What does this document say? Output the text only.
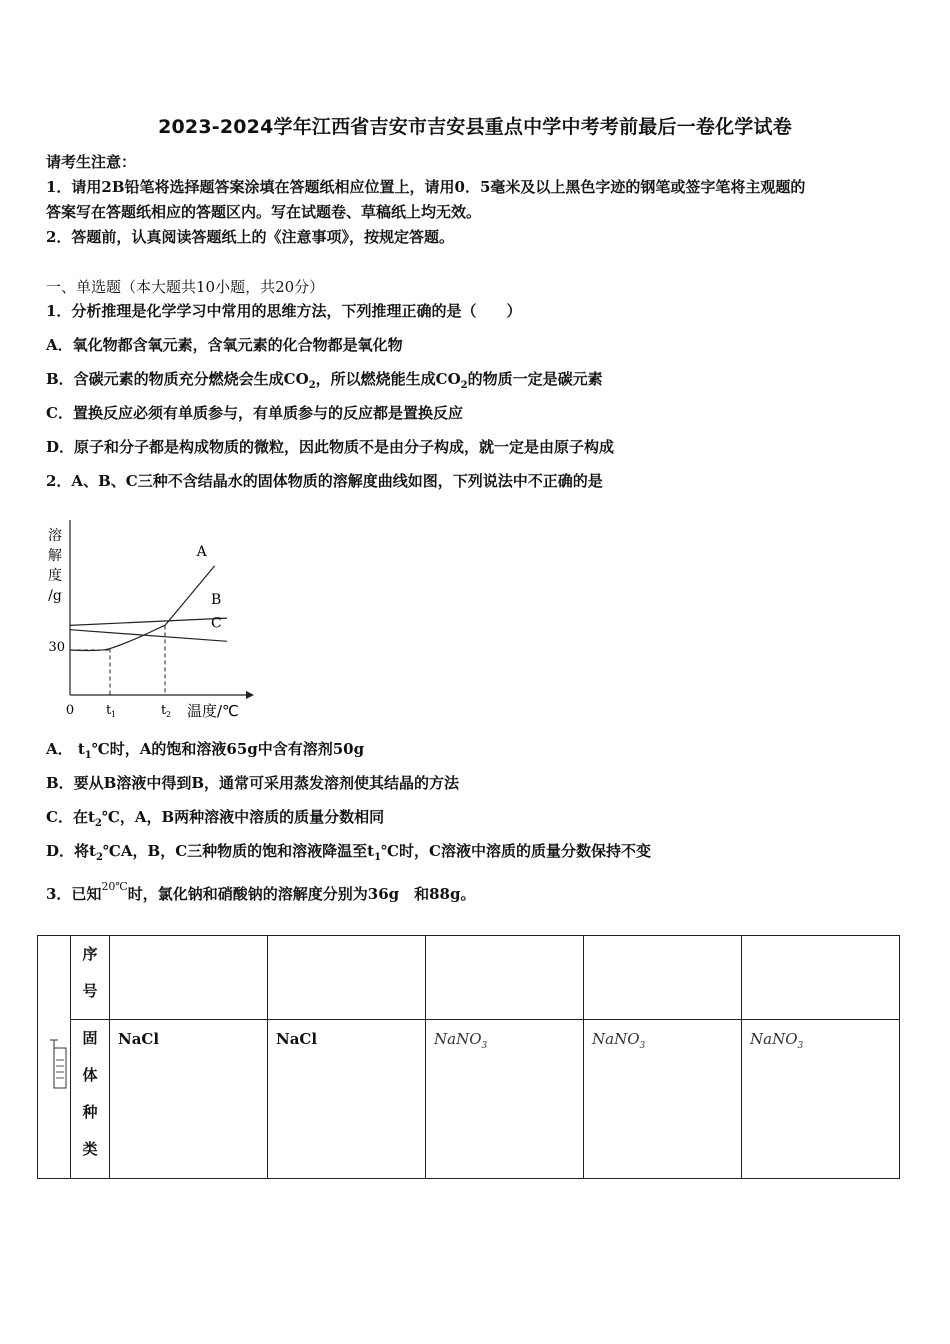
2023-2024学年江西省吉安市吉安县重点中学中考考前最后一卷化学试卷
请考生注意：
1．请用2B铅笔将选择题答案涂填在答题纸相应位置上，请用0．5毫米及以上黑色字迹的钢笔或签字笔将主观题的
答案写在答题纸相应的答题区内。写在试题卷、草稿纸上均无效。
2．答题前，认真阅读答题纸上的《注意事项》，按规定答题。
一、单选题（本大题共10小题，共20分）
1．分析推理是化学学习中常用的思维方法，下列推理正确的是（　　）
A．氧化物都含氧元素，含氧元素的化合物都是氧化物
B．含碳元素的物质充分燃烧会生成$CO_2$，所以燃烧能生成$CO_2$的物质一定是碳元素
C．置换反应必须有单质参与，有单质参与的反应都是置换反应
D．原子和分子都是构成物质的微粒，因此物质不是由分子构成，就一定是由原子构成
2．A、B、C三种不含结晶水的固体物质的溶解度曲线如图，下列说法中不正确的是
溶
解
度
/g
0
30
A
B
C
t 1	t 2 温度/℃
A． $t_1℃$时，A的饱和溶液65g中含有溶剂50g
B．要从B溶液中得到B，通常可采用蒸发溶剂使其结晶的方法
C．在$t_2℃$，A，B两种溶液中溶质的质量分数相同
D．将$t_2℃A$，B，C三种物质的饱和溶液降温至$t_1℃$时，C溶液中溶质的质量分数保持不变
3．已知$^{20℃}$时，氯化钠和硝酸钠的溶解度分别为36g　和88g。

序
号					

	固
体
种
类	NaCl	NaCl	NaNO$_3$	NaNO$_3$	NaNO$_3$
